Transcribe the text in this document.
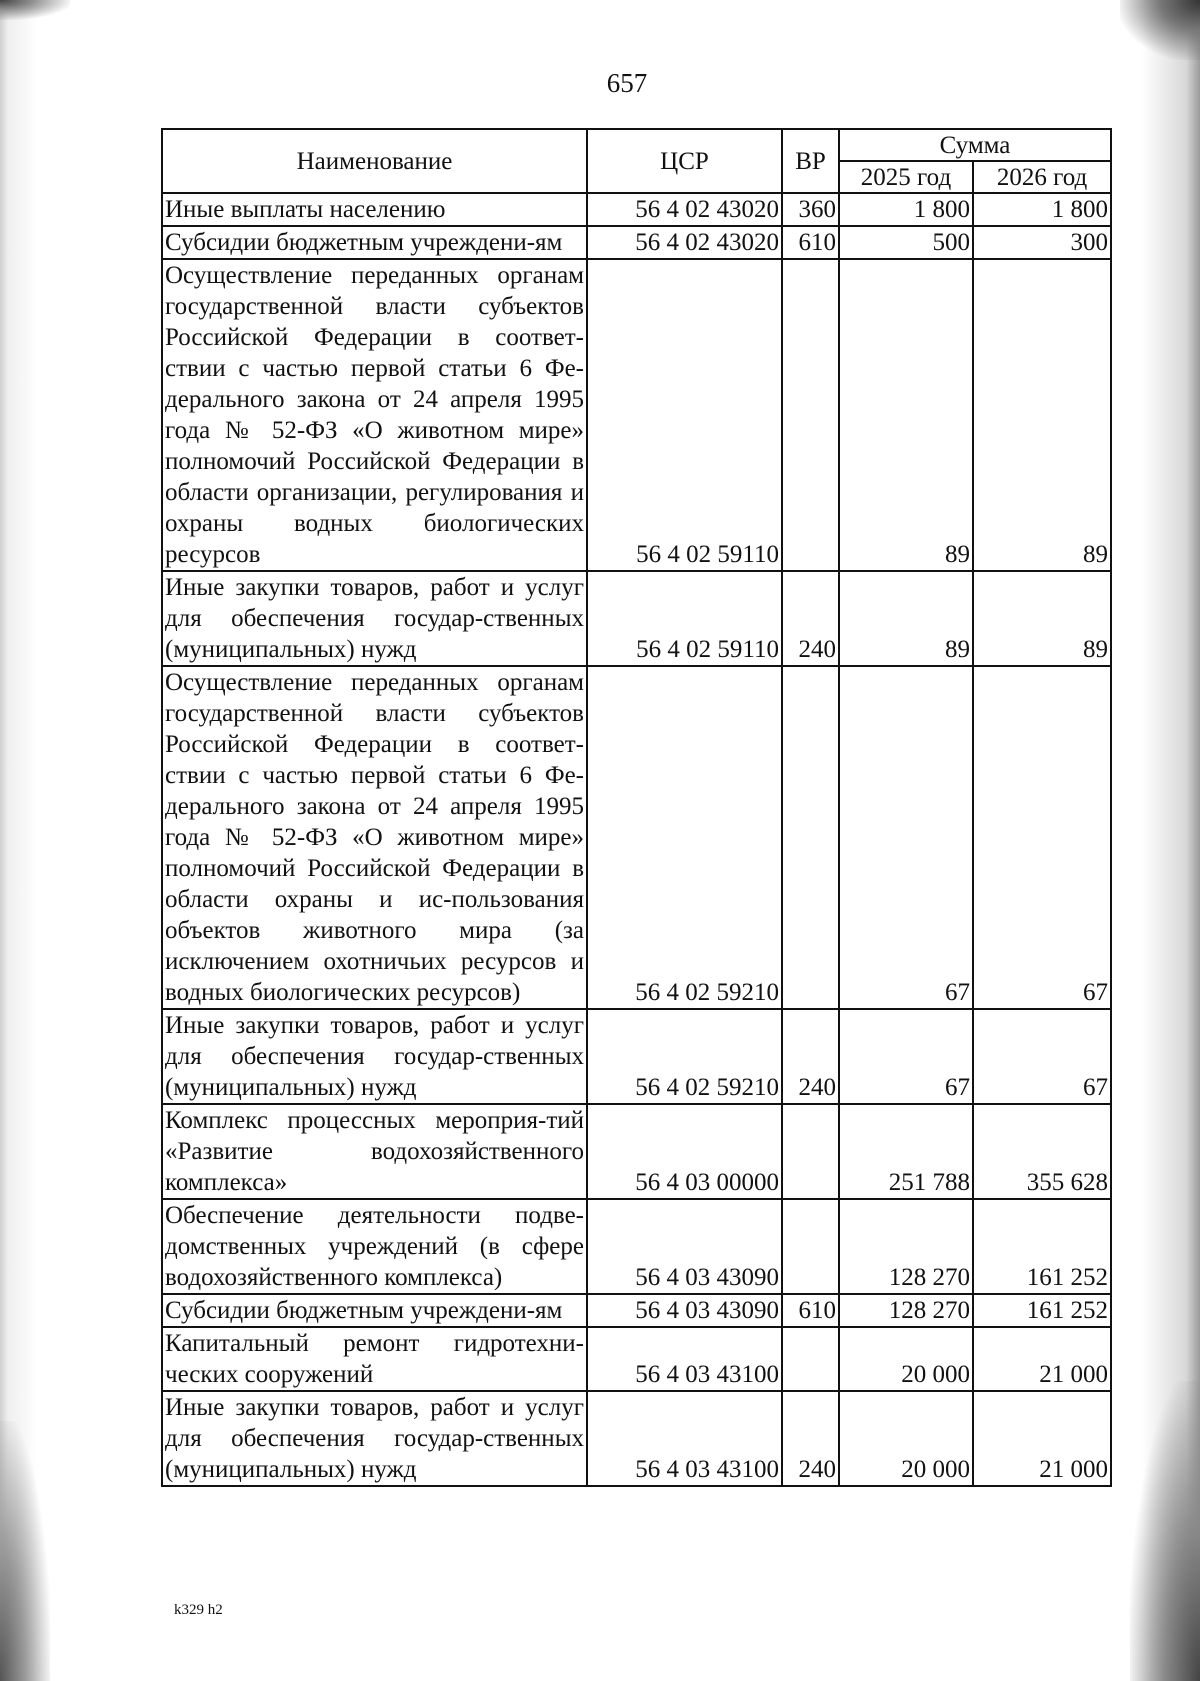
657
Наименование	ЦСР	ВР	Сумма	
			2025 год	2026 год
Иные выплаты населению	56 4 02 43020	360	1 800	1 800
Субсидии бюджетным учреждени-ям	56 4 02 43020	610	500	300
Осуществление переданных органам государственной власти субъектов Российской Федерации в соответ-ствии с частью первой статьи 6 Фе-дерального закона от 24 апреля 1995 года № 52-ФЗ «О животном мире» полномочий Российской Федерации в области организации, регулирования и охраны водных биологических ресурсов	56 4 02 59110		89	89
Иные закупки товаров, работ и услуг для обеспечения государ-ственных (муниципальных) нужд	56 4 02 59110	240	89	89
Осуществление переданных органам государственной власти субъектов Российской Федерации в соответ-ствии с частью первой статьи 6 Фе-дерального закона от 24 апреля 1995 года № 52-ФЗ «О животном мире» полномочий Российской Федерации в области охраны и ис-пользования объектов животного мира (за исключением охотничьих ресурсов и водных биологических ресурсов)	56 4 02 59210		67	67
Иные закупки товаров, работ и услуг для обеспечения государ-ственных (муниципальных) нужд	56 4 02 59210	240	67	67
Комплекс процессных мероприя-тий «Развитие водохозяйственного комплекса»	56 4 03 00000		251 788	355 628
Обеспечение деятельности подве-домственных учреждений (в сфере водохозяйственного комплекса)	56 4 03 43090		128 270	161 252
Субсидии бюджетным учреждени-ям	56 4 03 43090	610	128 270	161 252
Капитальный ремонт гидротехни-ческих сооружений	56 4 03 43100		20 000	21 000
Иные закупки товаров, работ и услуг для обеспечения государ-ственных (муниципальных) нужд	56 4 03 43100	240	20 000	21 000
k329 h2
